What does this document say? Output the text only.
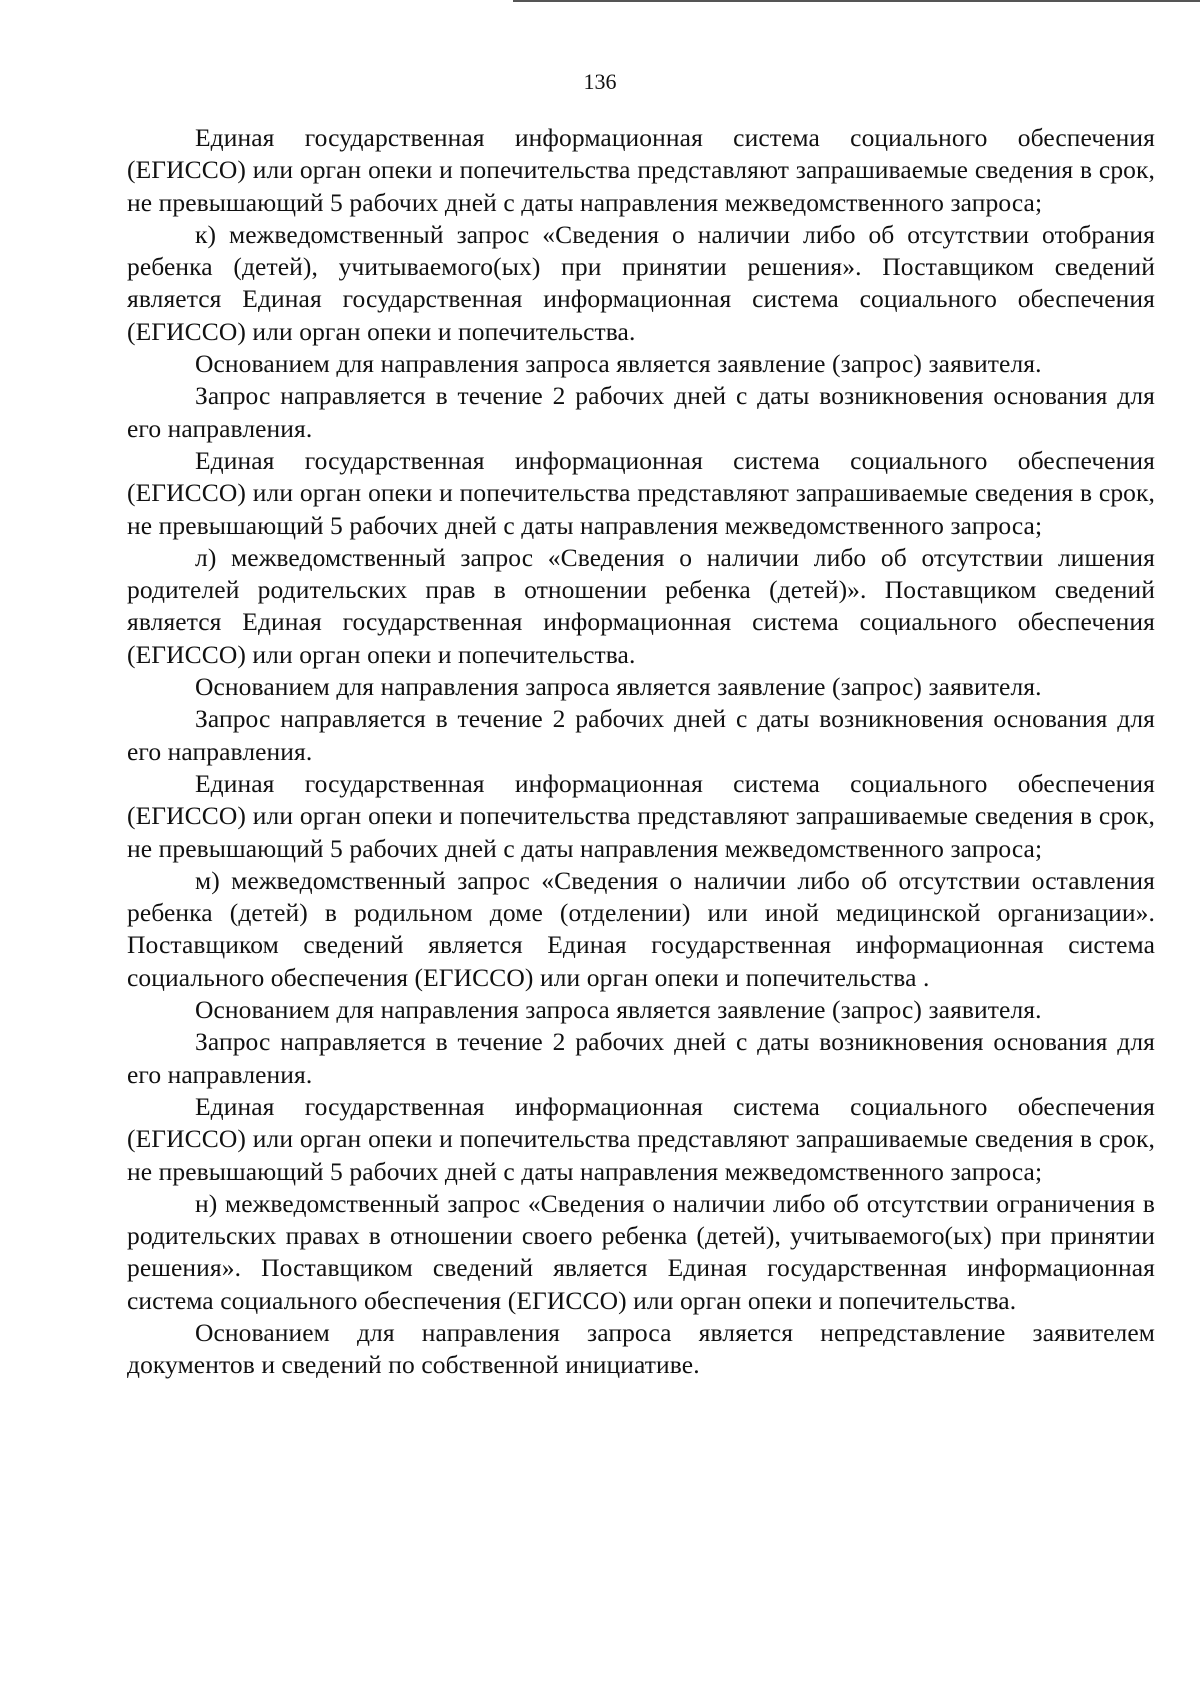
136

Единая государственная информационная система социального обеспечения (ЕГИССО) или орган опеки и попечительства представляют запрашиваемые сведения в срок, не превышающий 5 рабочих дней с даты направления межведомственного запроса;

к) межведомственный запрос «Сведения о наличии либо об отсутствии отобрания ребенка (детей), учитываемого(ых) при принятии решения». Поставщиком сведений является Единая государственная информационная система социального обеспечения (ЕГИССО) или орган опеки и попечительства.

Основанием для направления запроса является заявление (запрос) заявителя.

Запрос направляется в течение 2 рабочих дней с даты возникновения основания для его направления.

Единая государственная информационная система социального обеспечения (ЕГИССО) или орган опеки и попечительства представляют запрашиваемые сведения в срок, не превышающий 5 рабочих дней с даты направления межведомственного запроса;

л) межведомственный запрос «Сведения о наличии либо об отсутствии лишения родителей родительских прав в отношении ребенка (детей)». Поставщиком сведений является Единая государственная информационная система социального обеспечения (ЕГИССО) или орган опеки и попечительства.

Основанием для направления запроса является заявление (запрос) заявителя.

Запрос направляется в течение 2 рабочих дней с даты возникновения основания для его направления.

Единая государственная информационная система социального обеспечения (ЕГИССО) или орган опеки и попечительства представляют запрашиваемые сведения в срок, не превышающий 5 рабочих дней с даты направления межведомственного запроса;

м) межведомственный запрос «Сведения о наличии либо об отсутствии оставления ребенка (детей) в родильном доме (отделении) или иной медицинской организации». Поставщиком сведений является Единая государственная информационная система социального обеспечения (ЕГИССО) или орган опеки и попечительства .

Основанием для направления запроса является заявление (запрос) заявителя.

Запрос направляется в течение 2 рабочих дней с даты возникновения основания для его направления.

Единая государственная информационная система социального обеспечения (ЕГИССО) или орган опеки и попечительства представляют запрашиваемые сведения в срок, не превышающий 5 рабочих дней с даты направления межведомственного запроса;

н) межведомственный запрос «Сведения о наличии либо об отсутствии ограничения в родительских правах в отношении своего ребенка (детей), учитываемого(ых) при принятии решения». Поставщиком сведений является Единая государственная информационная система социального обеспечения (ЕГИССО) или орган опеки и попечительства.

Основанием для направления запроса является непредставление заявителем документов и сведений по собственной инициативе.
